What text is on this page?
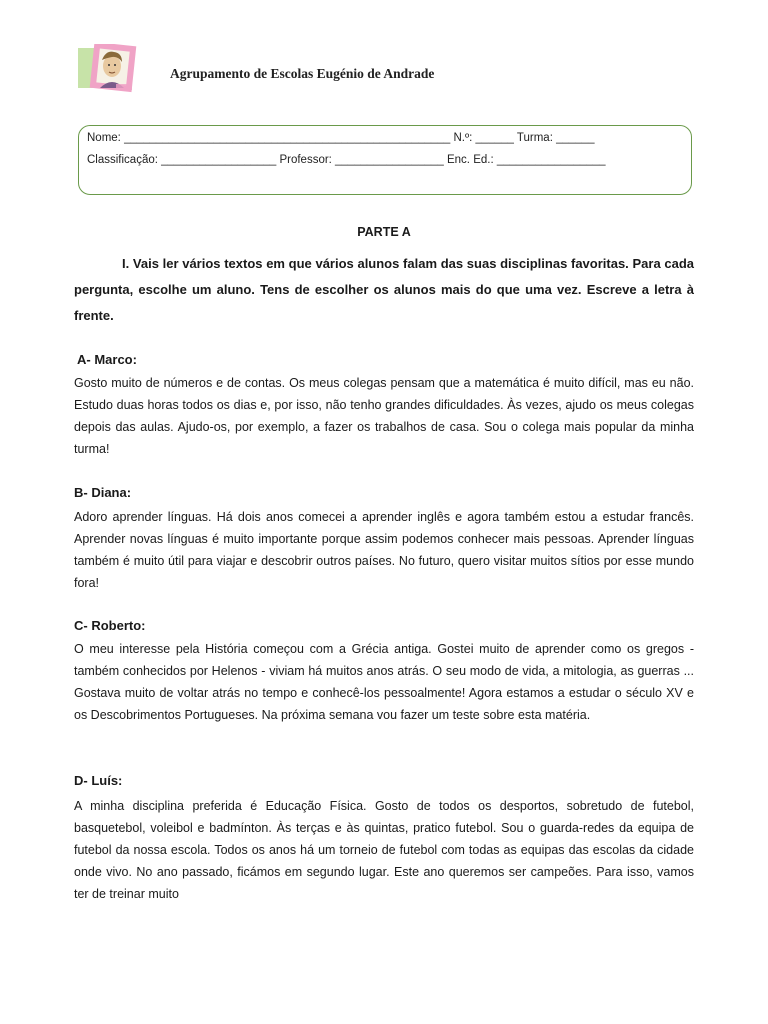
Agrupamento de Escolas Eugénio de Andrade
Nome: ___________________________________________________ N.º: ______ Turma: ______
Classificação: __________________ Professor: _________________ Enc. Ed.: _________________
PARTE A

I. Vais ler vários textos em que vários alunos falam das suas disciplinas favoritas. Para cada pergunta, escolhe um aluno. Tens de escolher os alunos mais do que uma vez. Escreve a letra à frente.

A- Marco:

Gosto muito de números e de contas. Os meus colegas pensam que a matemática é muito difícil, mas eu não. Estudo duas horas todos os dias e, por isso, não tenho grandes dificuldades. Às vezes, ajudo os meus colegas depois das aulas. Ajudo-os, por exemplo, a fazer os trabalhos de casa. Sou o colega mais popular da minha turma!

B- Diana:

Adoro aprender línguas. Há dois anos comecei a aprender inglês e agora também estou a estudar francês. Aprender novas línguas é muito importante porque assim podemos conhecer mais pessoas. Aprender línguas também é muito útil para viajar e descobrir outros países. No futuro, quero visitar muitos sítios por esse mundo fora!

C- Roberto:

O meu interesse pela História começou com a Grécia antiga. Gostei muito de aprender como os gregos - também conhecidos por Helenos - viviam há muitos anos atrás. O seu modo de vida, a mitologia, as guerras ... Gostava muito de voltar atrás no tempo e conhecê-los pessoalmente! Agora estamos a estudar o século XV e os Descobrimentos Portugueses. Na próxima semana vou fazer um teste sobre esta matéria.

D- Luís:

A minha disciplina preferida é Educação Física. Gosto de todos os desportos, sobretudo de futebol, basquetebol, voleibol e badmínton. Às terças e às quintas, pratico futebol. Sou o guarda-redes da equipa de futebol da nossa escola. Todos os anos há um torneio de futebol com todas as equipas das escolas da cidade onde vivo. No ano passado, ficámos em segundo lugar. Este ano queremos ser campeões. Para isso, vamos ter de treinar muito
